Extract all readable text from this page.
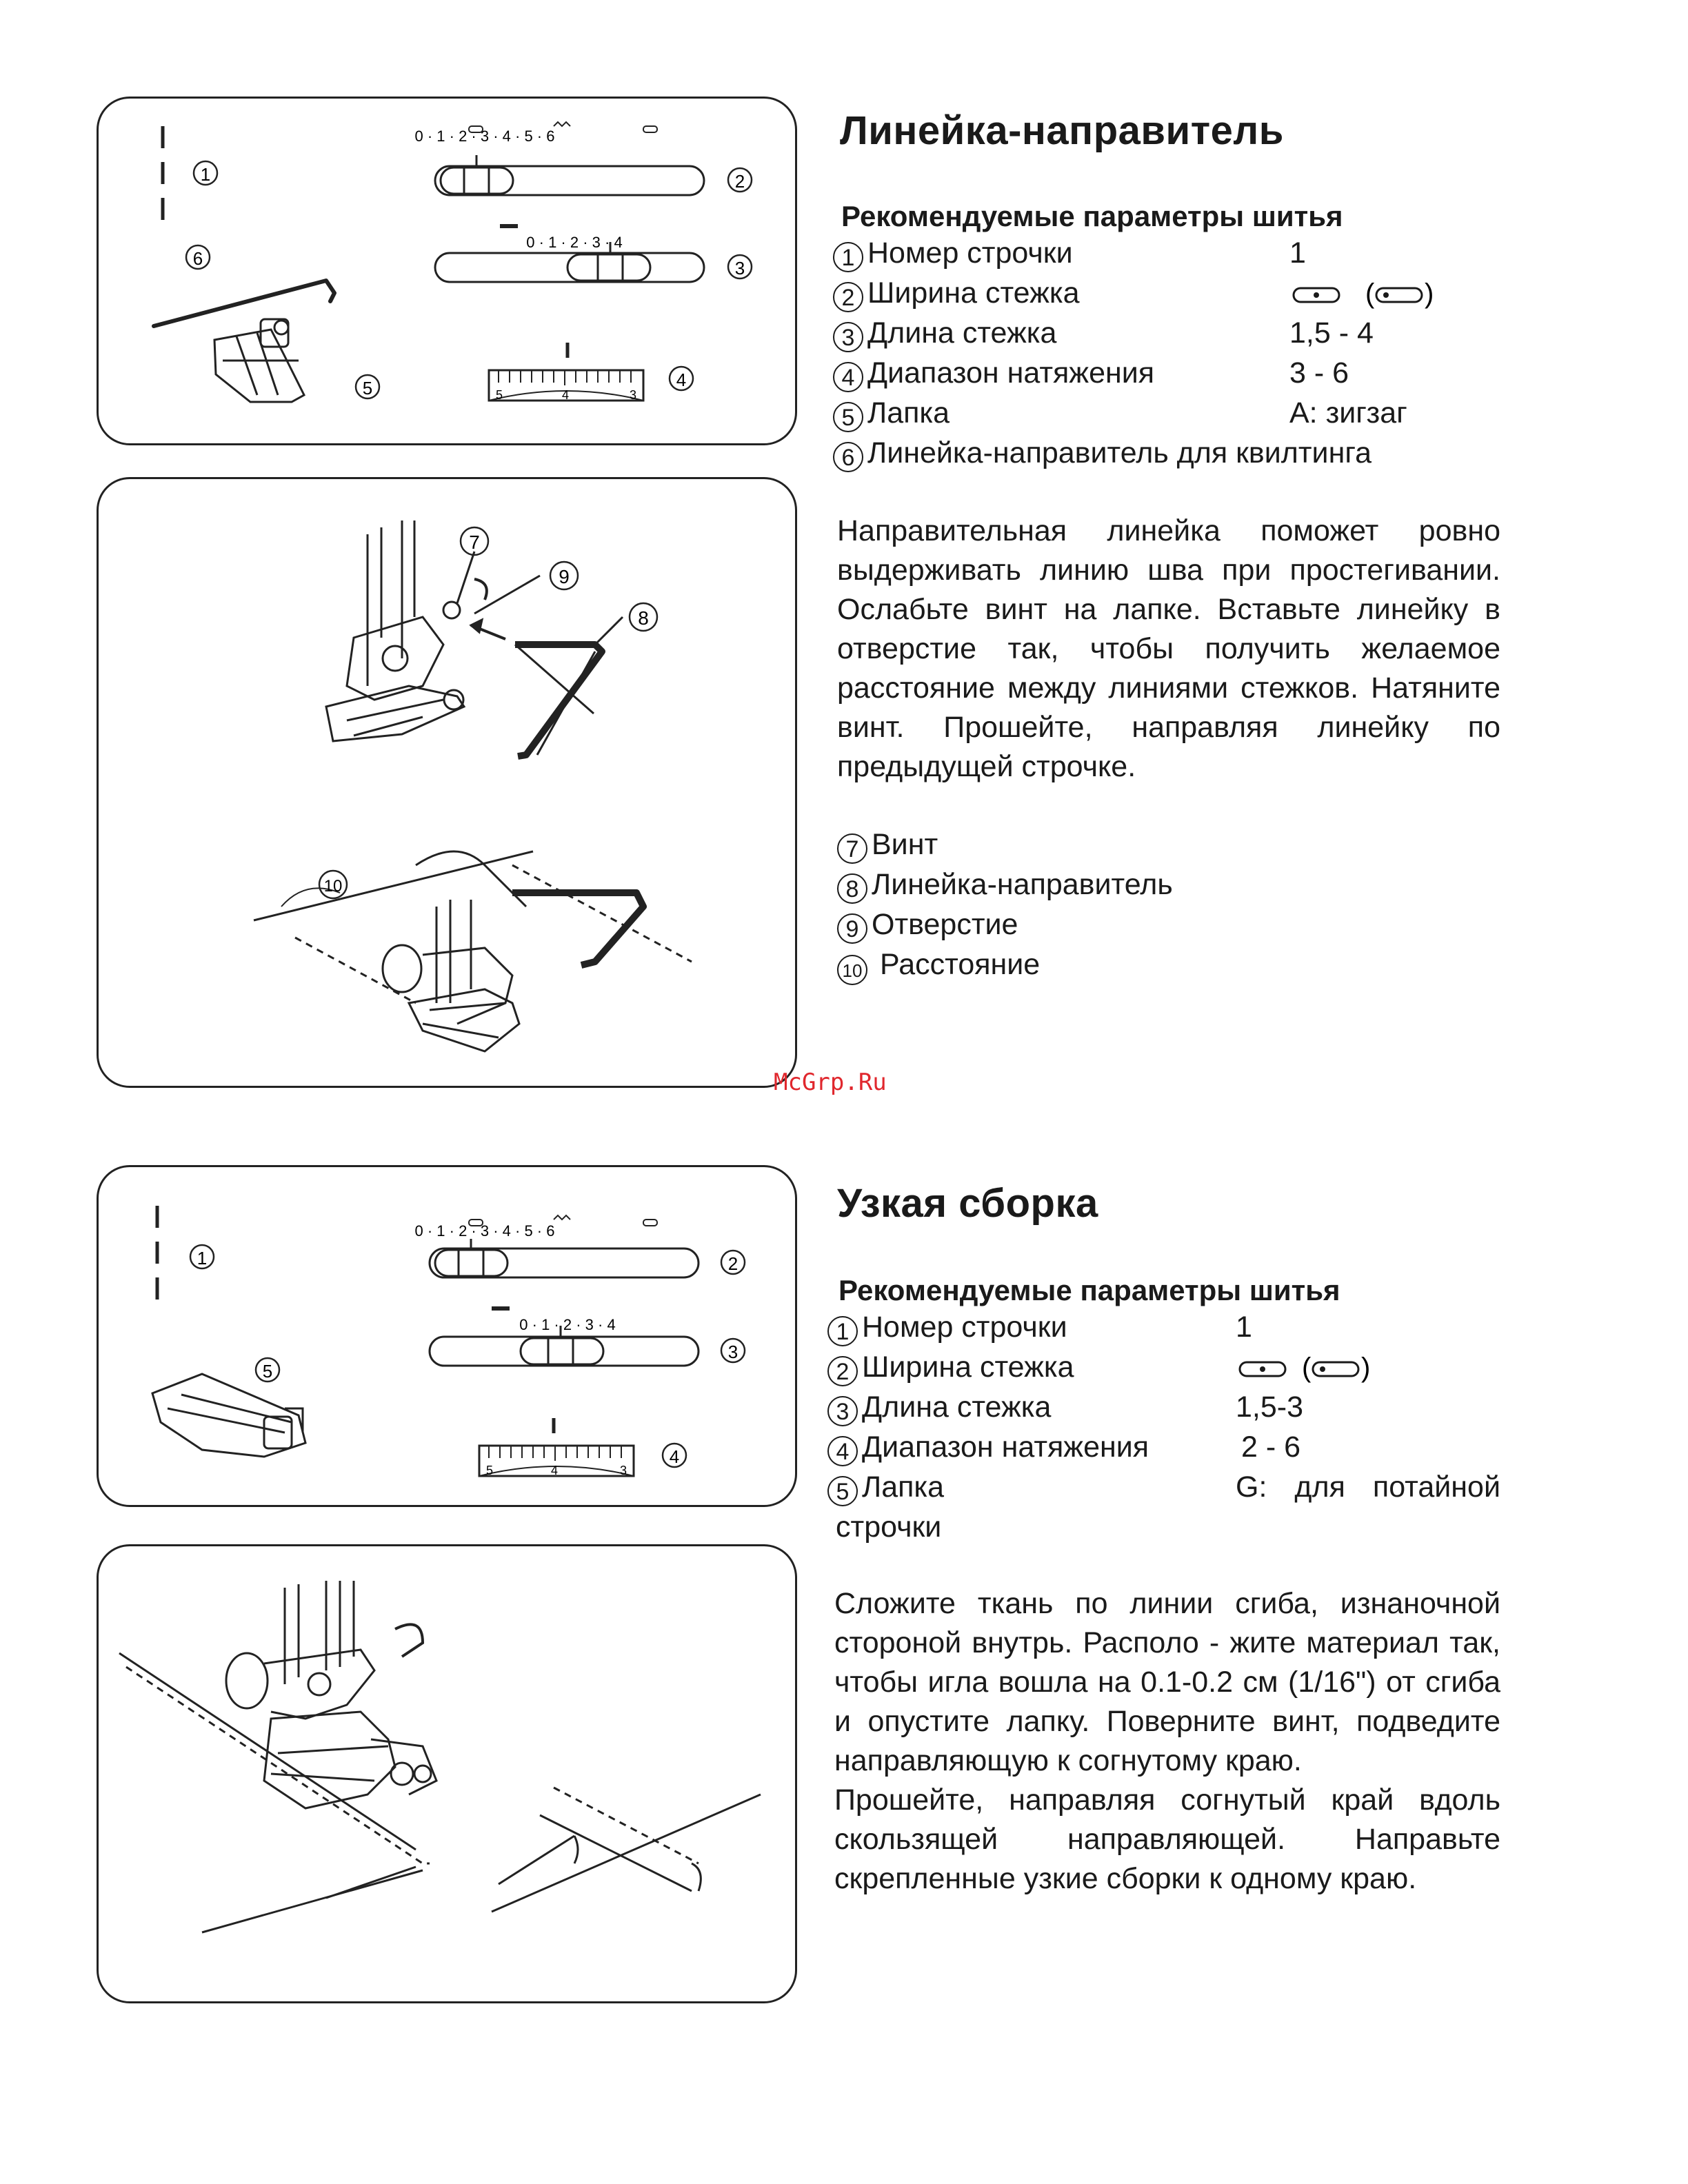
1
0 · 1 · 2 · 3 · 4 · 5 · 6
2
0 · 1 · 2 · 3 · 4
3
6
5	5	4	3
4
7
9
8
10
Линейка-направитель
Рекомендуемые параметры шитья
1 Номер строчки	1
2 Ширина стежка	( )
3 Длина стежка	1,5 - 4
4 Диапазон натяжения	3 - 6
5 Лапка	A: зигзаг
6 Линейка-направитель для квилтинга

Направительная линейка поможет ровно выдерживать линию шва при простегивании. Ослабьте винт на лапке. Вставьте линейку в отверстие так, чтобы получить желаемое расстояние между линиями стежков. Натяните винт. Прошейте, направляя линейку по предыдущей строчке.

7 Винт
8 Линейка-направитель
9 Отверстие
10 Расстояние
McGrp.Ru
1
0 · 1 · 2 · 3 · 4 · 5 · 6
2
0 · 1 · 2 · 3 · 4
3
5
5	4	3
4
Узкая сборка
Рекомендуемые параметры шитья
1 Номер строчки	1
2 Ширина стежка	( )
3 Длина стежка	1,5-3
4 Диапазон натяжения	2 - 6
5 Лапка	G: для потайной
строчки

Сложите ткань по линии сгиба, изнаночной стороной внутрь. Располо - жите материал так, чтобы игла вошла на 0.1-0.2 см (1/16") от сгиба и опустите лапку. Поверните винт, подведите направляющую к согнутому краю.

Прошейте, направляя согнутый край вдоль скользящей направляющей. Направьте скрепленные узкие сборки к одному краю.
